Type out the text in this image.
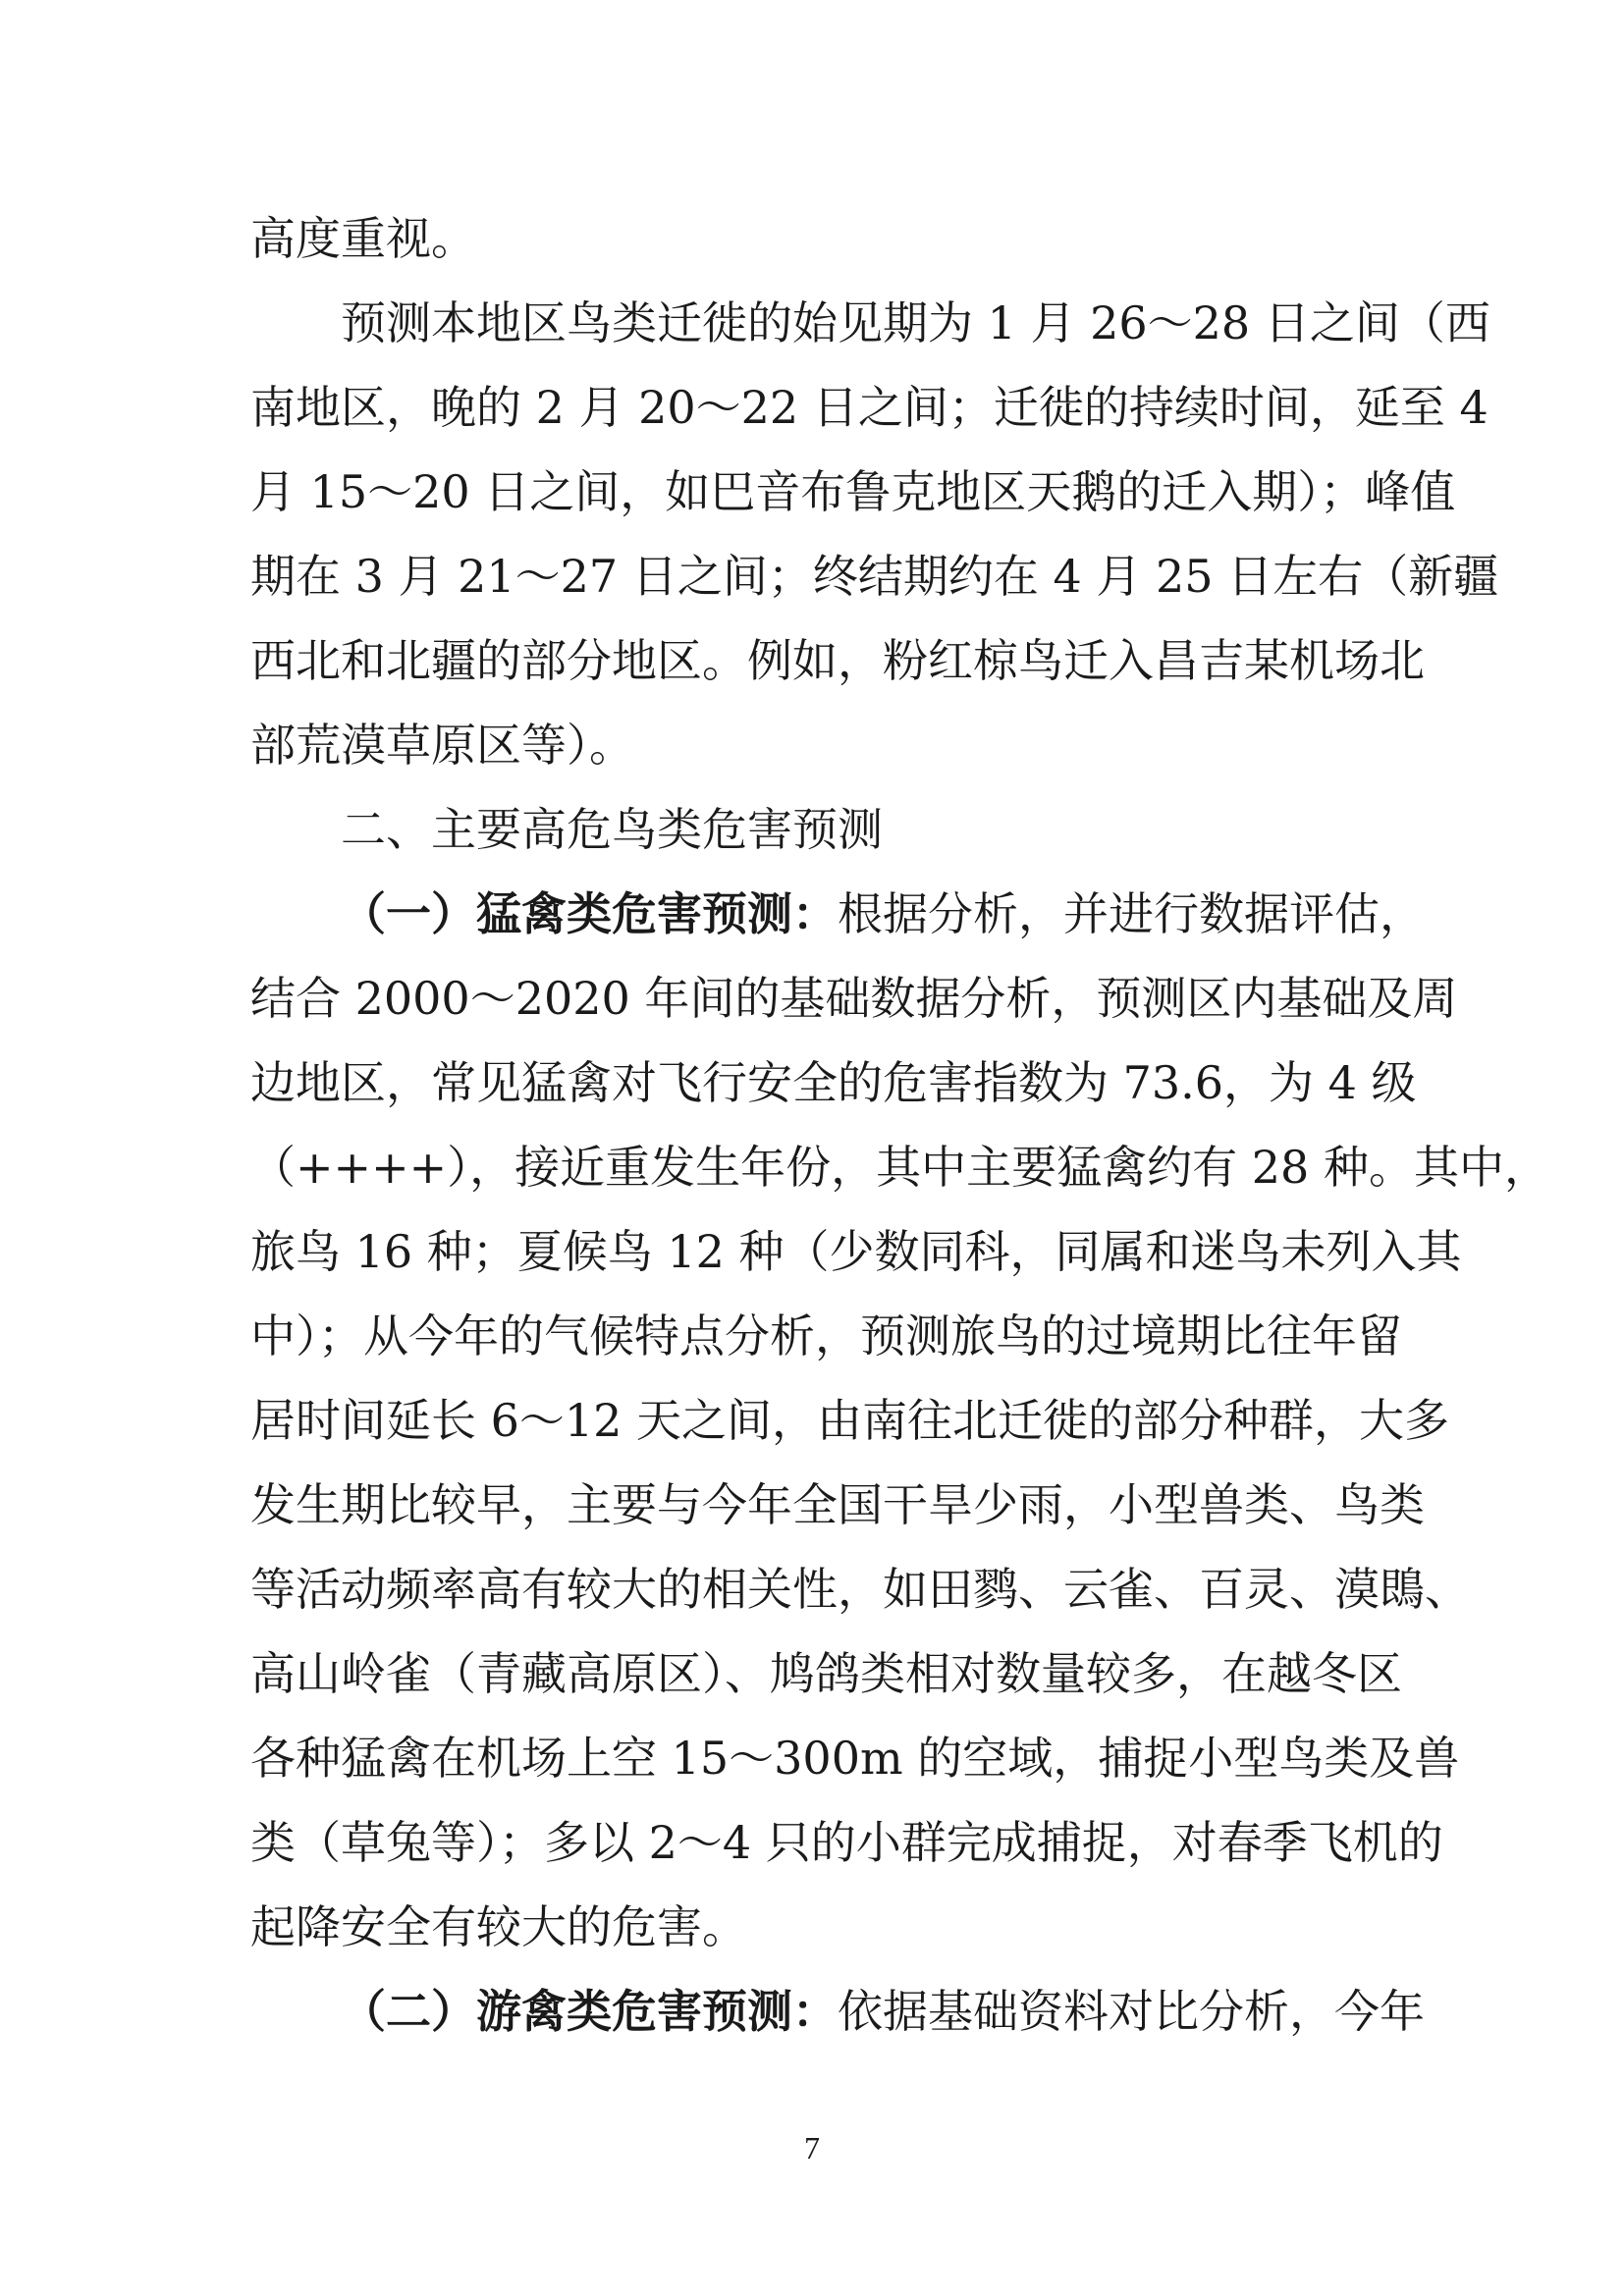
高度重视。
预测本地区鸟类迁徙的始见期为 1 月 26～28 日之间（西
南地区，晚的 2 月 20～22 日之间；迁徙的持续时间，延至 4
月 15～20 日之间，如巴音布鲁克地区天鹅的迁入期）；峰值
期在 3 月 21～27 日之间；终结期约在 4 月 25 日左右（新疆
西北和北疆的部分地区。例如，粉红椋鸟迁入昌吉某机场北
部荒漠草原区等）。
二、主要高危鸟类危害预测
（一）猛禽类危害预测：根据分析，并进行数据评估，
结合 2000～2020 年间的基础数据分析，预测区内基础及周
边地区，常见猛禽对飞行安全的危害指数为 73.6，为 4 级
（++++），接近重发生年份，其中主要猛禽约有 28 种。其中，
旅鸟 16 种；夏候鸟 12 种（少数同科，同属和迷鸟未列入其
中）；从今年的气候特点分析，预测旅鸟的过境期比往年留
居时间延长 6～12 天之间，由南往北迁徙的部分种群，大多
发生期比较早，主要与今年全国干旱少雨，小型兽类、鸟类
等活动频率高有较大的相关性，如田鹨、云雀、百灵、漠鵖、
高山岭雀（青藏高原区）、鸠鸽类相对数量较多，在越冬区
各种猛禽在机场上空 15～300m 的空域，捕捉小型鸟类及兽
类（草兔等）；多以 2～4 只的小群完成捕捉，对春季飞机的
起降安全有较大的危害。
（二）游禽类危害预测：依据基础资料对比分析，今年
7
